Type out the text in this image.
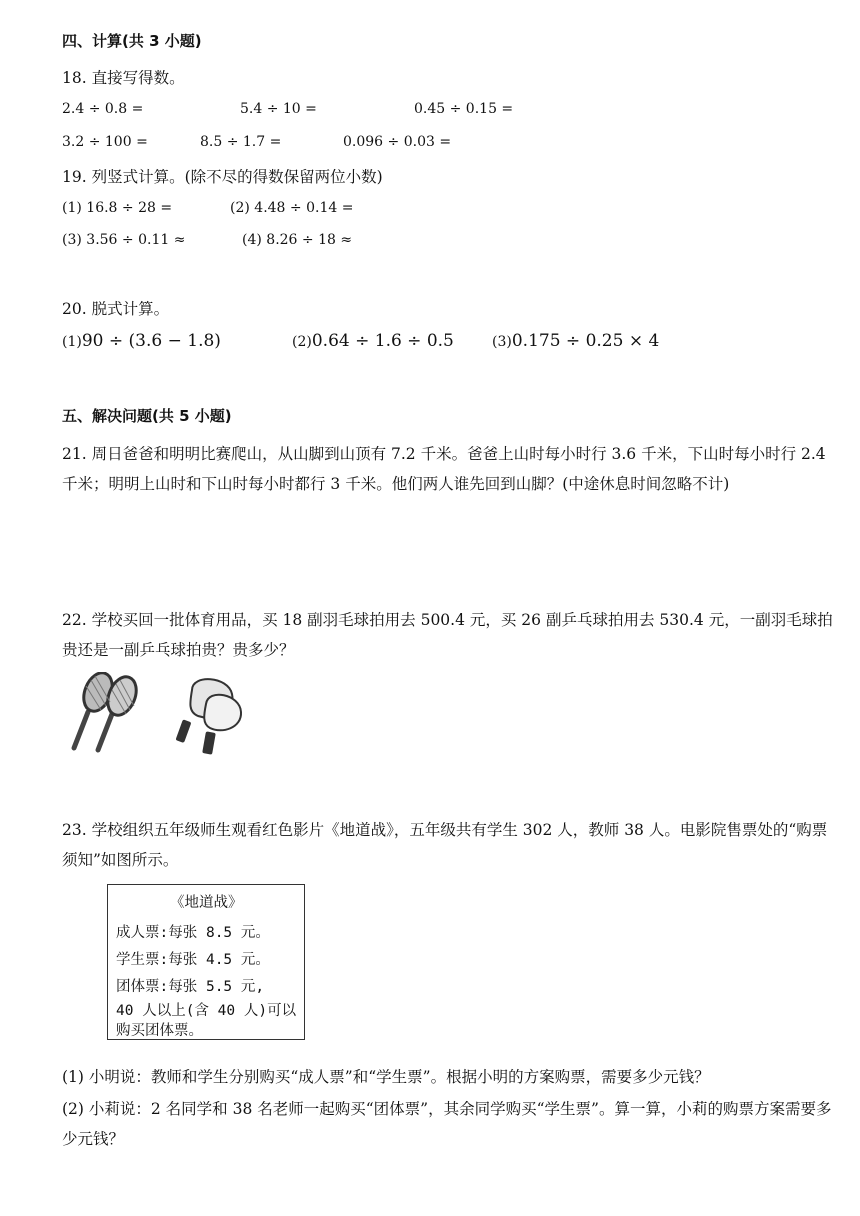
四、计算(共 3 小题)
18. 直接写得数。
2.4 ÷ 0.8 =	5.4 ÷ 10 =	0.45 ÷ 0.15 =
3.2 ÷ 100 =	8.5 ÷ 1.7 =	0.096 ÷ 0.03 =
19. 列竖式计算。(除不尽的得数保留两位小数)
(1) 16.8 ÷ 28 =	(2) 4.48 ÷ 0.14 =
(3) 3.56 ÷ 0.11 ≈	(4) 8.26 ÷ 18 ≈
20. 脱式计算。
(1)90 ÷ (3.6 − 1.8)	(2)0.64 ÷ 1.6 ÷ 0.5	(3)0.175 ÷ 0.25 × 4
五、解决问题(共 5 小题)
21. 周日爸爸和明明比赛爬山，从山脚到山顶有 7.2 千米。爸爸上山时每小时行 3.6 千米，下山时每小时行 2.4 千米；明明上山时和下山时每小时都行 3 千米。他们两人谁先回到山脚？(中途休息时间忽略不计)
22. 学校买回一批体育用品，买 18 副羽毛球拍用去 500.4 元，买 26 副乒乓球拍用去 530.4 元，一副羽毛球拍贵还是一副乒乓球拍贵？贵多少？
23. 学校组织五年级师生观看红色影片《地道战》，五年级共有学生 302 人，教师 38 人。电影院售票处的“购票须知”如图所示。
《地道战》
成人票:每张 8.5 元。
学生票:每张 4.5 元。
团体票:每张 5.5 元,
40 人以上(含 40 人)可以
购买团体票。
(1) 小明说：教师和学生分别购买“成人票”和“学生票”。根据小明的方案购票，需要多少元钱？
(2) 小莉说：2 名同学和 38 名老师一起购买“团体票”，其余同学购买“学生票”。算一算，小莉的购票方案需要多少元钱？
